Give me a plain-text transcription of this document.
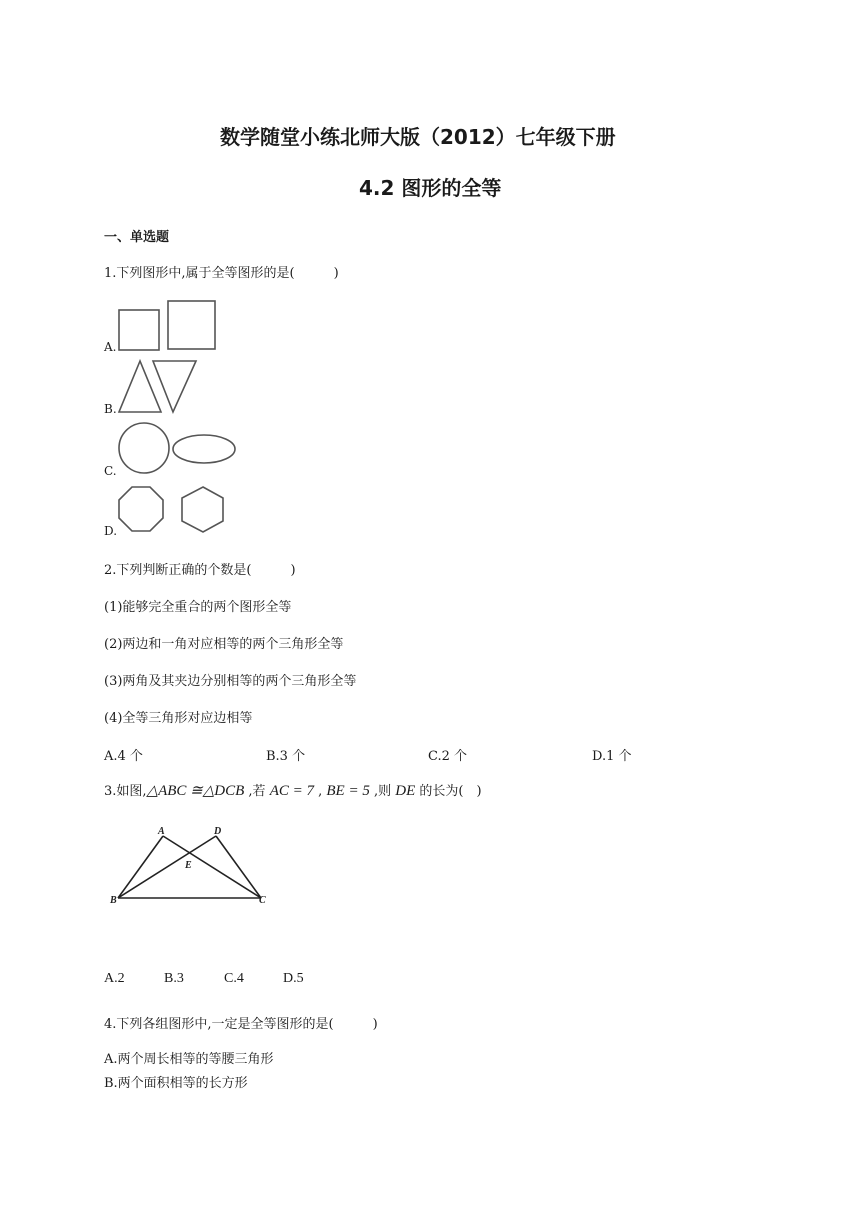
数学随堂小练北师大版（2012）七年级下册
4.2 图形的全等
一、单选题
1.下列图形中,属于全等图形的是(　　　)
A.
B.
C.
D.
2.下列判断正确的个数是(　　　)
(1)能够完全重合的两个图形全等
(2)两边和一角对应相等的两个三角形全等
(3)两角及其夹边分别相等的两个三角形全等
(4)全等三角形对应边相等
A.4 个	B.3 个	C.2 个	D.1 个
3.如图,△ABC ≅△DCB ,若 AC = 7 , BE = 5 ,则 DE 的长为(　)
A	D
E
B	C
A.2	B.3	C.4	D.5
4.下列各组图形中,一定是全等图形的是(　　　)
A.两个周长相等的等腰三角形
B.两个面积相等的长方形
